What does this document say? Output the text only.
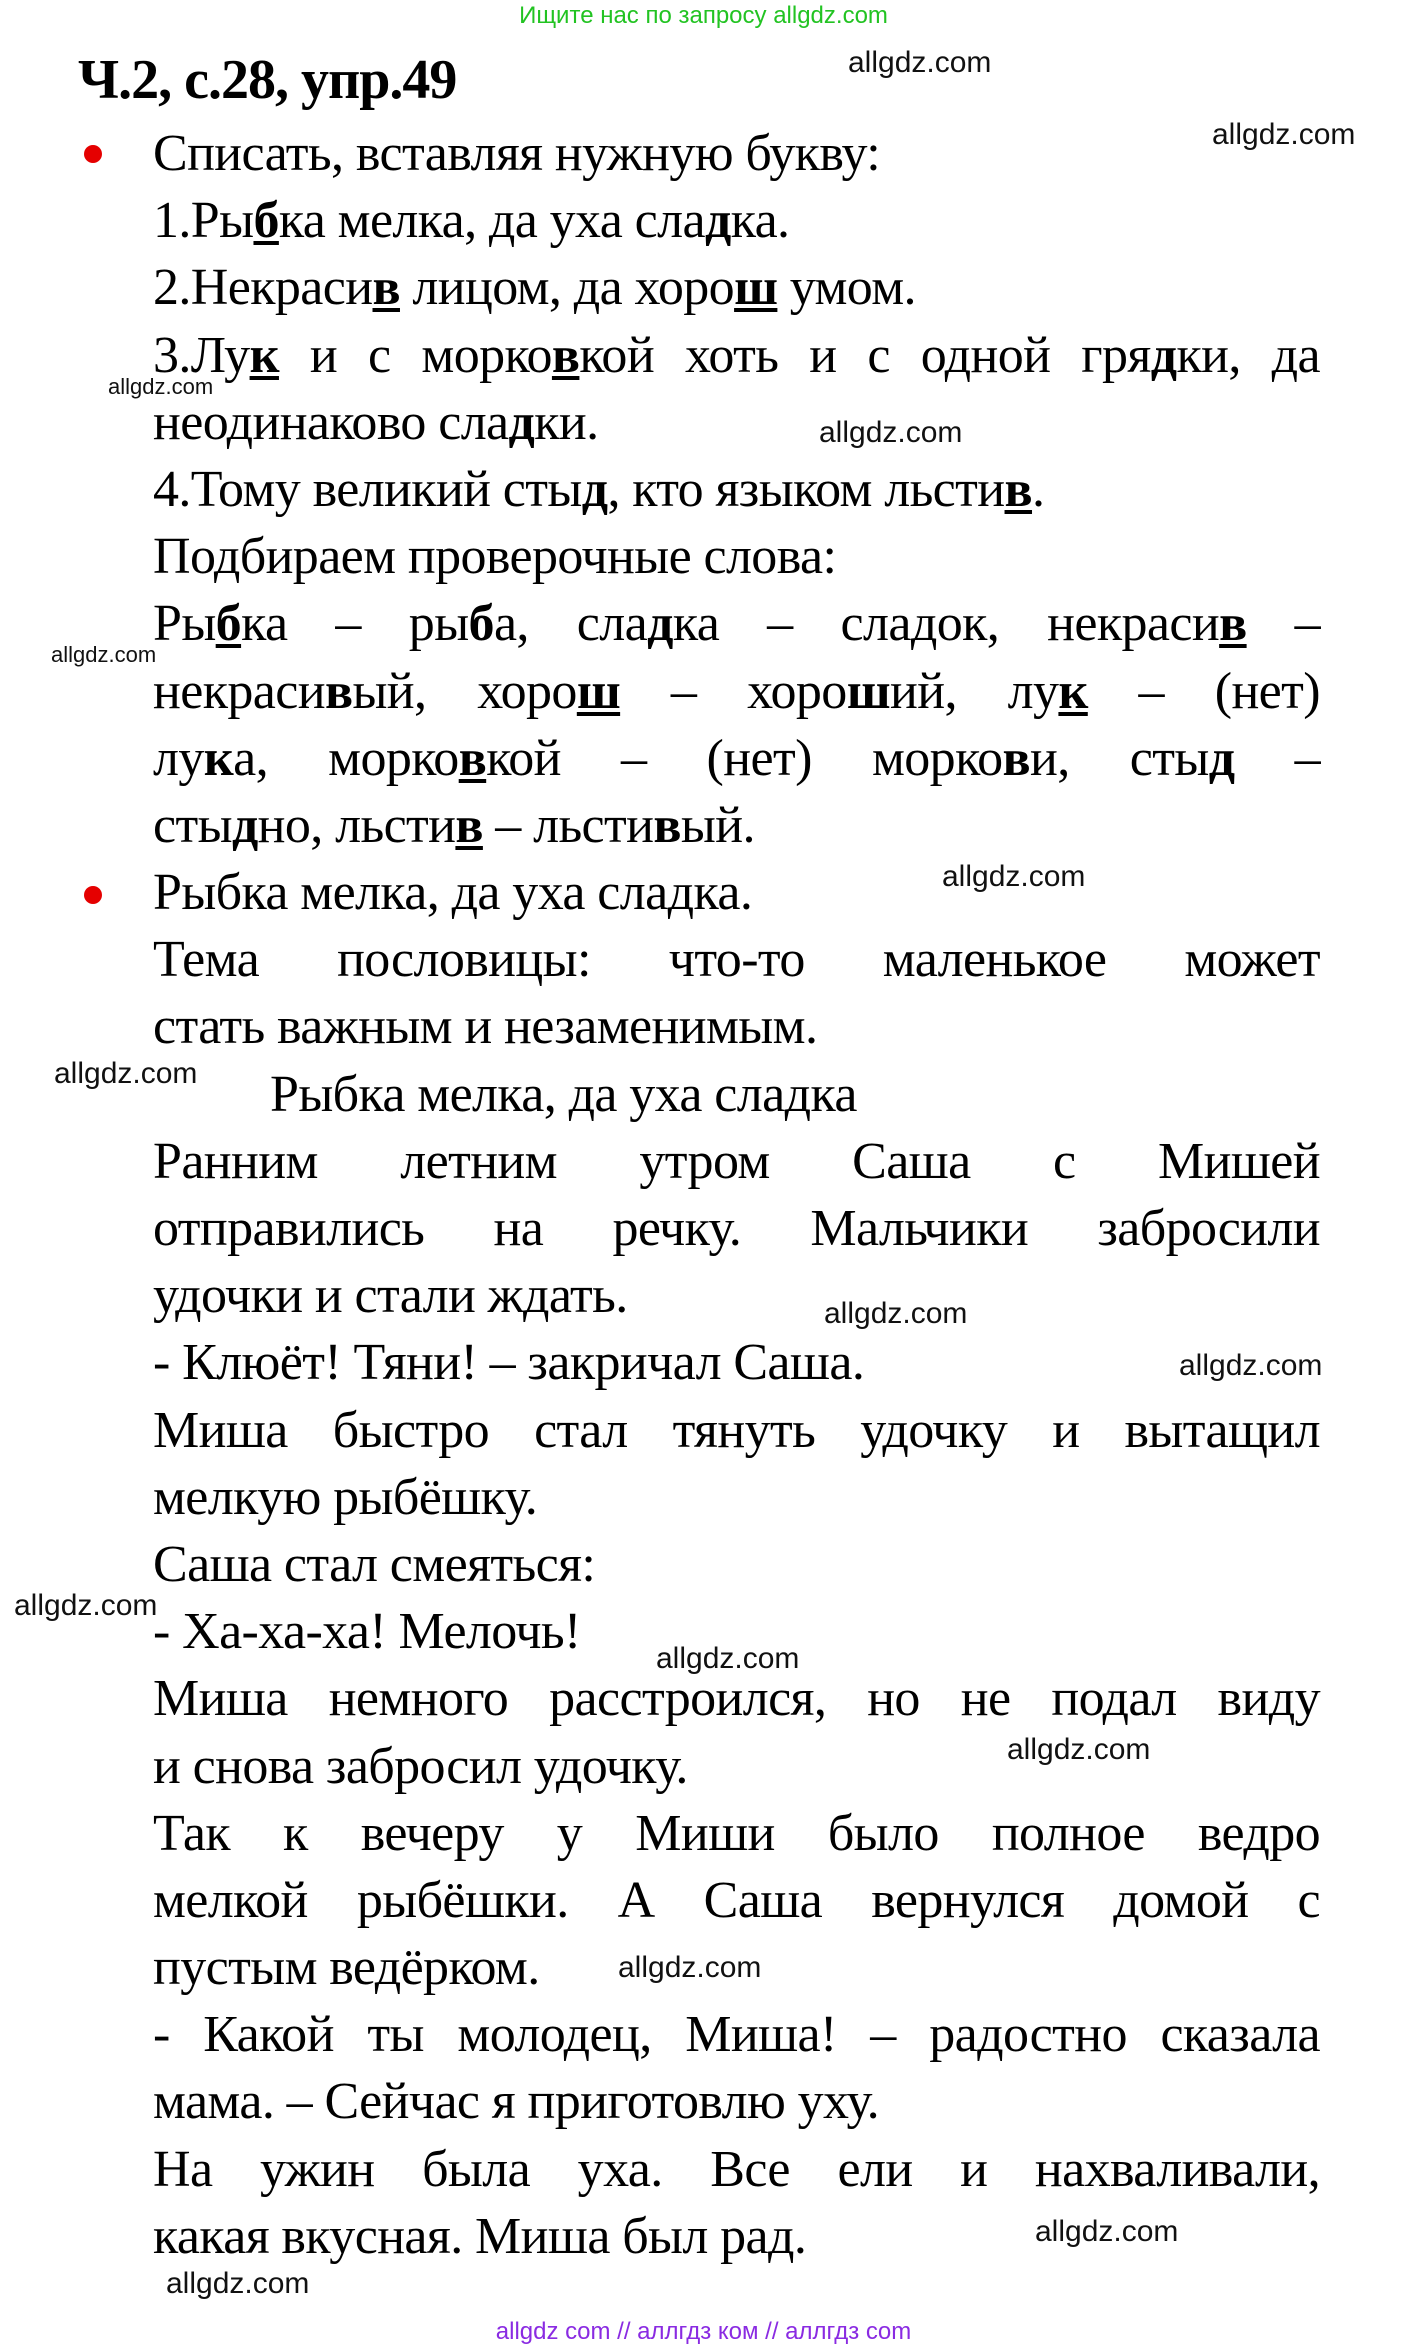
Ищите нас по запросу allgdz.com
Ч.2, с.28, упр.49
Списать, вставляя нужную букву:
1.Рыбка мелка, да уха сладка.
2.Некрасив лицом, да хорош умом.
3.Лук и с морковкой хоть и с одной грядки, да
неодинаково сладки.
4.Тому великий стыд, кто языком льстив.
Подбираем проверочные слова:
Рыбка – рыба, сладка – сладок, некрасив –
некрасивый, хорош – хороший, лук – (нет)
лука, морковкой – (нет) моркови, стыд –
стыдно, льстив – льстивый.
Рыбка мелка, да уха сладка.
Тема пословицы: что-то маленькое может
стать важным и незаменимым.
Рыбка мелка, да уха сладка
Ранним летним утром Саша с Мишей
отправились на речку. Мальчики забросили
удочки и стали ждать.
- Клюёт! Тяни! – закричал Саша.
Миша быстро стал тянуть удочку и вытащил
мелкую рыбёшку.
Саша стал смеяться:
- Ха-ха-ха! Мелочь!
Миша немного расстроился, но не подал виду
и снова забросил удочку.
Так к вечеру у Миши было полное ведро
мелкой рыбёшки. А Саша вернулся домой с
пустым ведёрком.
- Какой ты молодец, Миша! – радостно сказала
мама. – Сейчас я приготовлю уху.
На ужин была уха. Все ели и нахваливали,
какая вкусная. Миша был рад.
allgdz.com
allgdz.com
allgdz.com
allgdz.com
allgdz.com
allgdz.com
allgdz.com
allgdz.com
allgdz.com
allgdz.com
allgdz.com
allgdz.com
allgdz.com
allgdz.com
allgdz.com
allgdz com // аллгдз ком // аллгдз com
